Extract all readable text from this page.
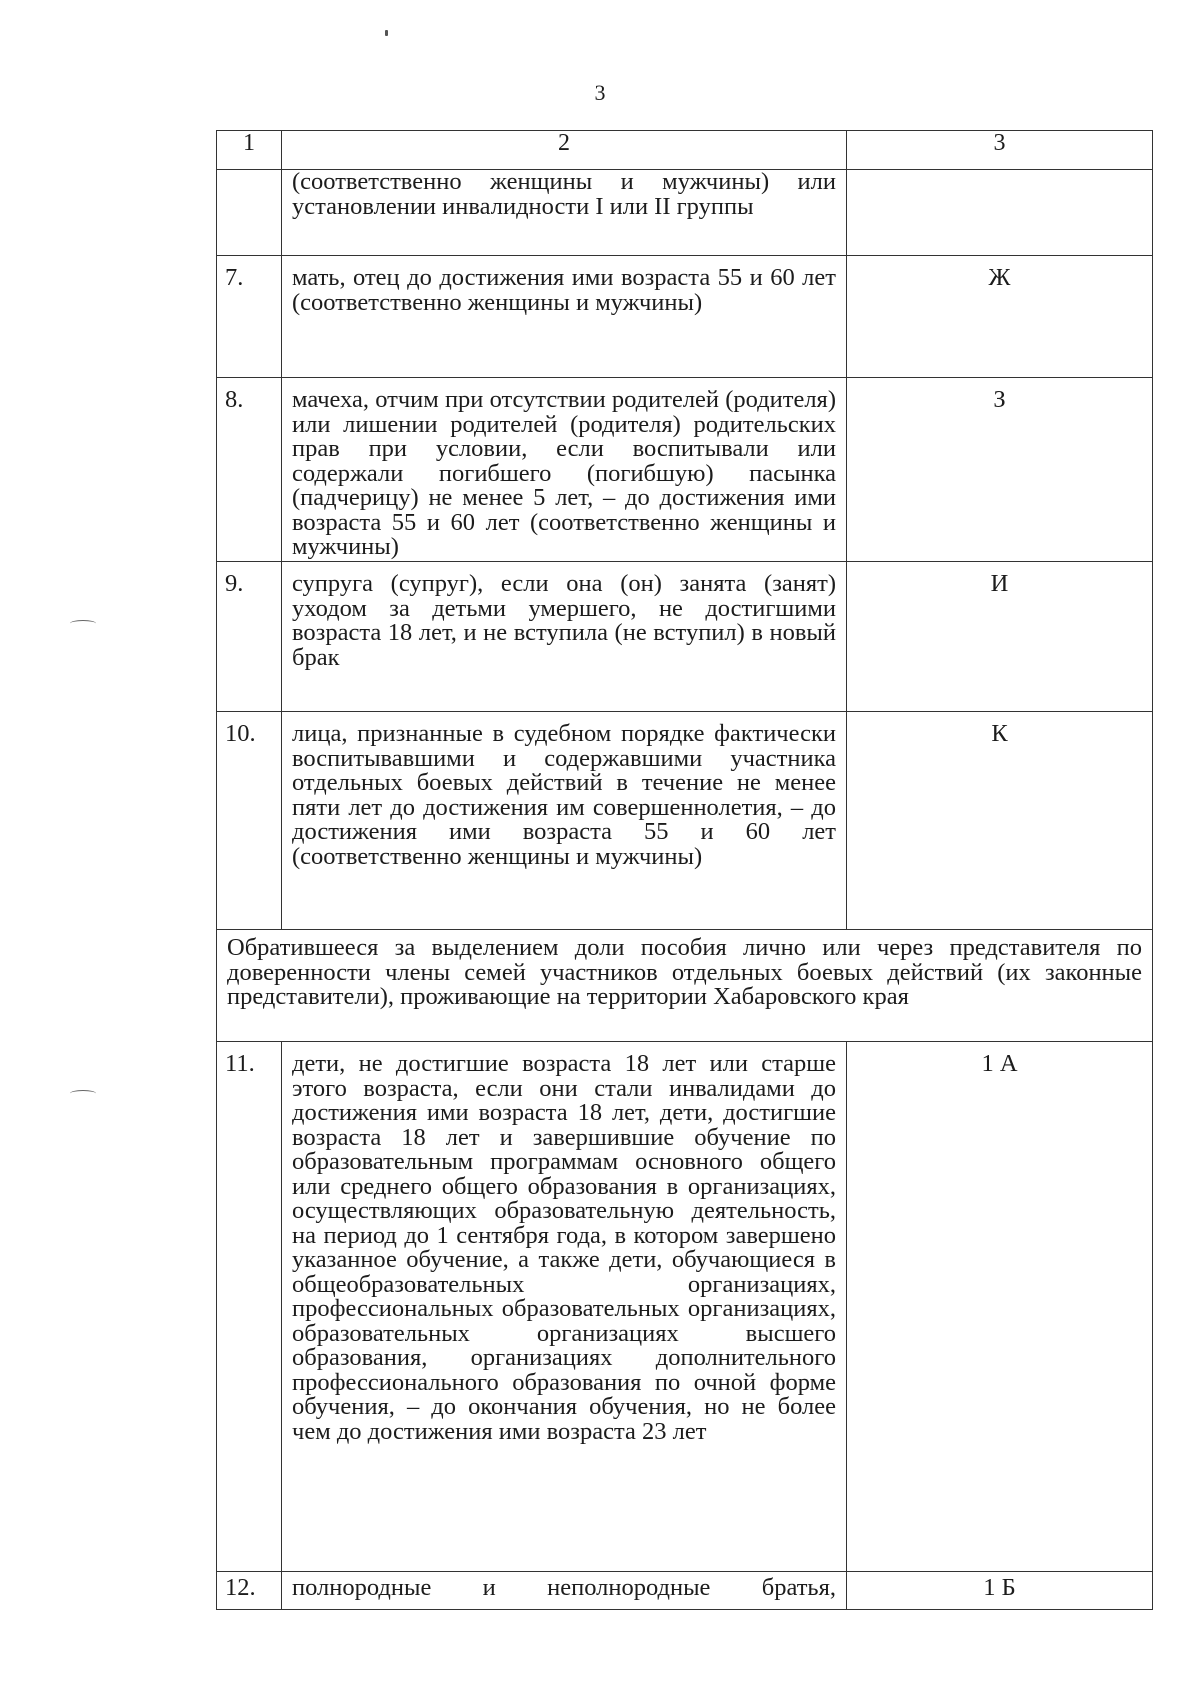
3
1	2	3
	(соответственно женщины и мужчины) или установлении инвалидности I или II группы	
7.	мать, отец до достижения ими возраста 55 и 60 лет (соответственно женщины и мужчины)	Ж
8.	мачеха, отчим при отсутствии родителей (родителя) или лишении родителей (родителя) родительских прав при условии, если воспитывали или содержали погибшего (погибшую) пасынка (падчерицу) не менее 5 лет, – до достижения ими возраста 55 и 60 лет (соответственно женщины и мужчины)	З
9.	супруга (супруг), если она (он) занята (занят) уходом за детьми умершего, не достигшими возраста 18 лет, и не вступила (не вступил) в новый брак	И
10.	лица, признанные в судебном порядке фактически воспитывавшими и содержавшими участника отдельных боевых действий в течение не менее пяти лет до достижения им совершеннолетия, – до достижения ими возраста 55 и 60 лет (соответственно женщины и мужчины)	К
Обратившееся за выделением доли пособия лично или через представителя по доверенности члены семей участников отдельных боевых действий (их законные представители), проживающие на территории Хабаровского края		
11.	дети, не достигшие возраста 18 лет или старше этого возраста, если они стали инвалидами до достижения ими возраста 18 лет, дети, достигшие возраста 18 лет и завершившие обучение по образовательным программам основного общего или среднего общего образования в организациях, осуществляющих образовательную деятельность, на период до 1 сентября года, в котором завершено указанное обучение, а также дети, обучающиеся в общеобразовательных организациях, профессиональных образовательных организациях, образовательных организациях высшего образования, организациях дополнительного профессионального образования по очной форме обучения, – до окончания обучения, но не более чем до достижения ими возраста 23 лет	1 А
12.	полнородные и неполнородные братья,	1 Б
